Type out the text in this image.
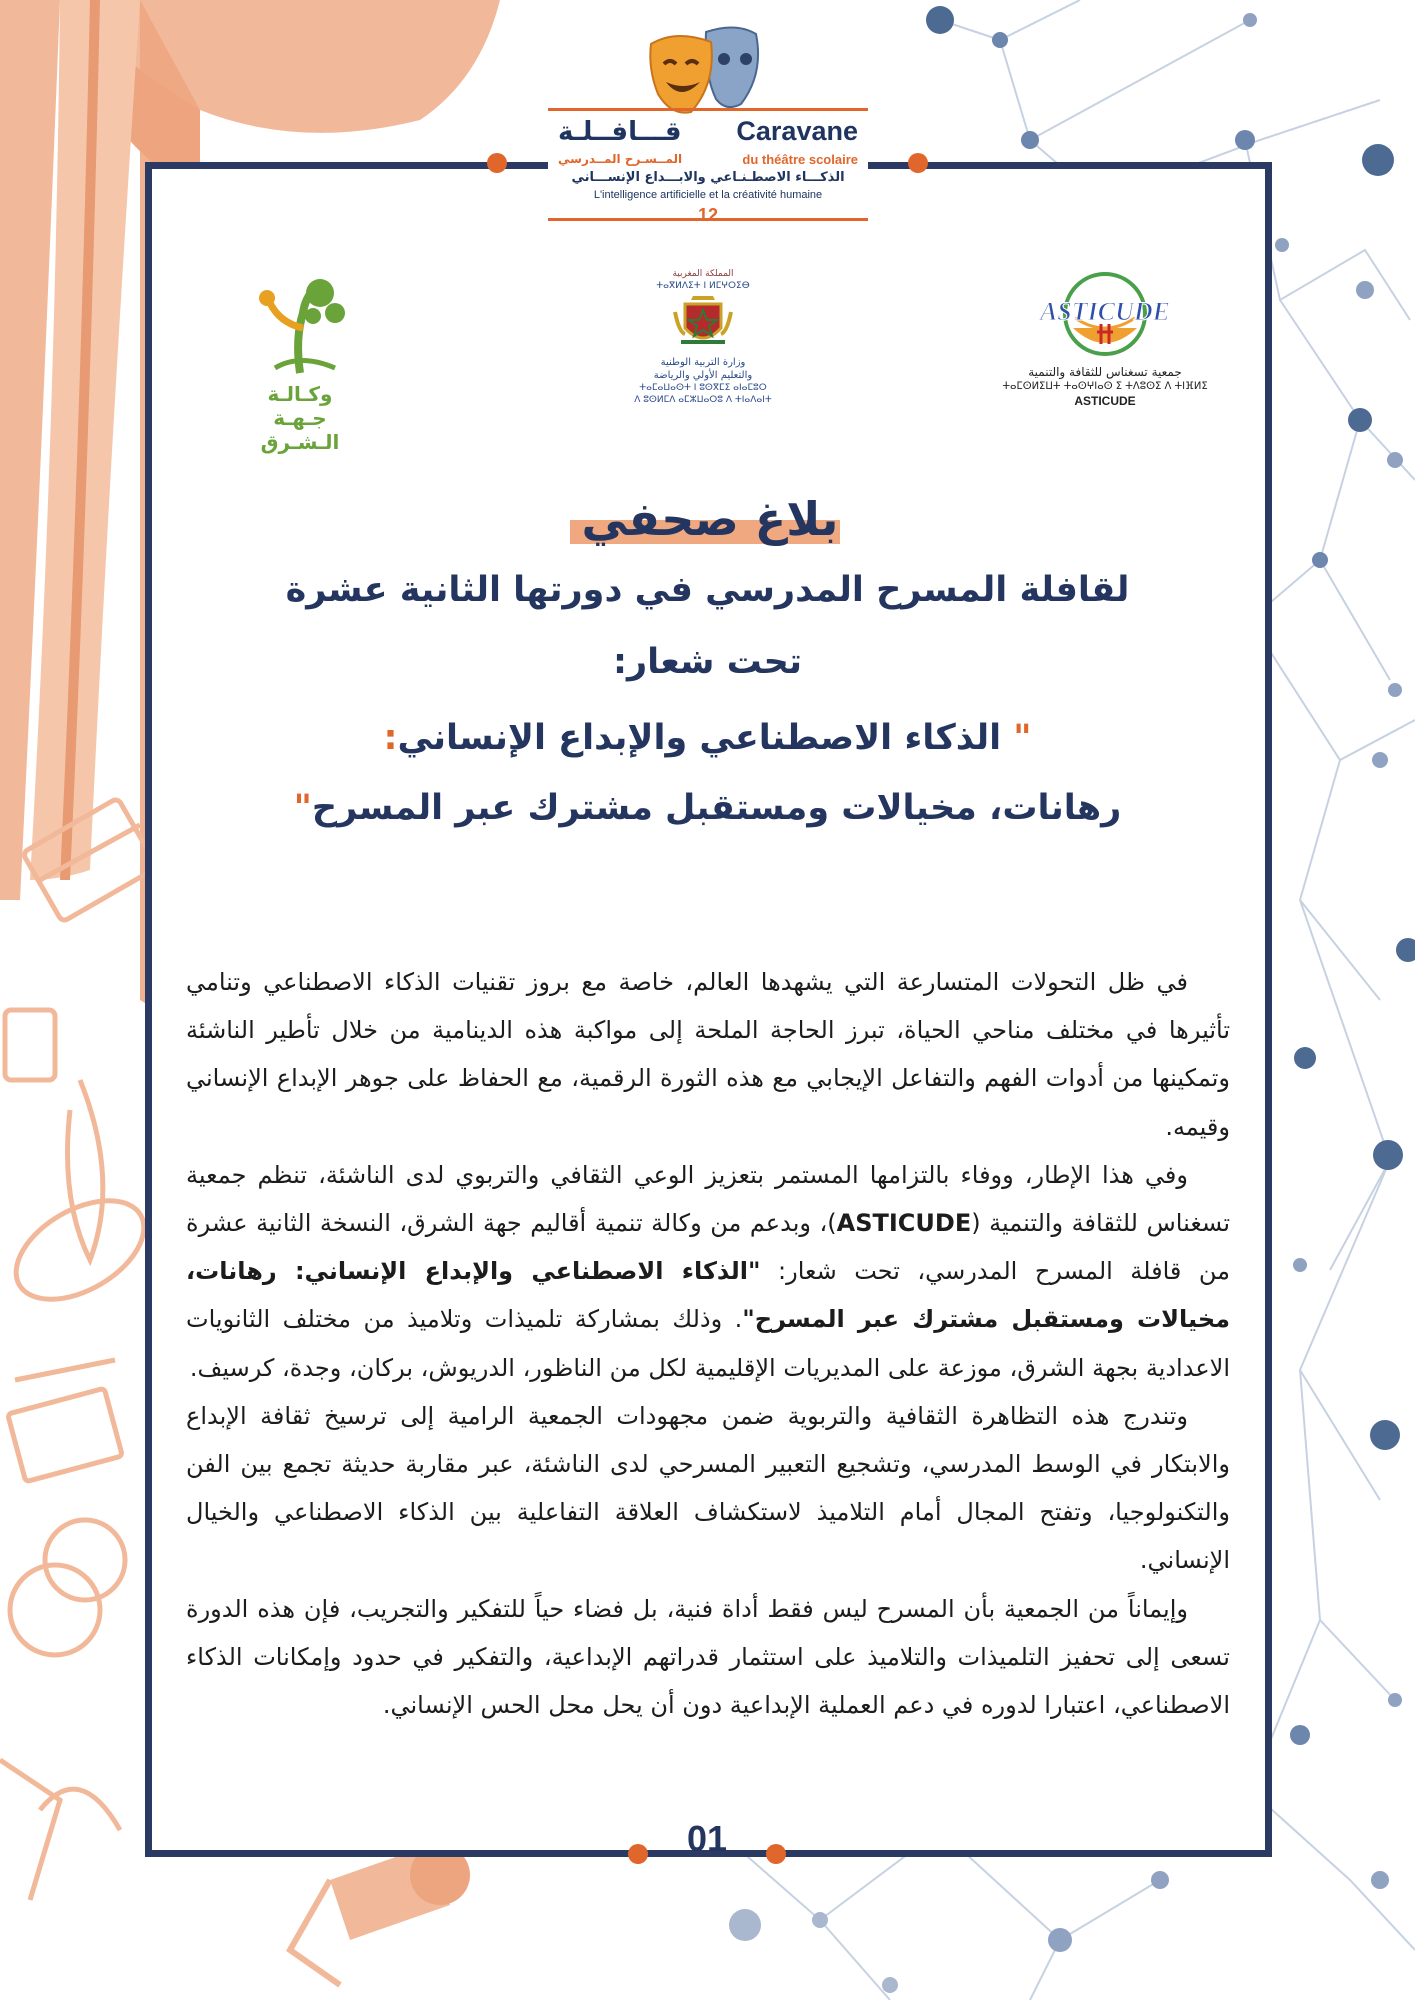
Caravane
قـــافــلـة
du théâtre scolaire
المــسـرح المــدرسي
الذكـــاء الاصطـنـاعي والابـــداع الإنســـاني
L'intelligence artificielle et la créativité humaine
12
وكـالـة
جـهـة الـشـرق
المملكة المغربية
ⵜⴰⴳⵍⴷⵉⵜ ⵏ ⵍⵎⵖⵔⵉⴱ
وزارة التربية الوطنية
والتعليم الأولي والرياضة
ⵜⴰⵎⴰⵡⴰⵙⵜ ⵏ ⵓⵙⴳⵎⵉ ⴰⵏⴰⵎⵓⵔ
ⴷ ⵓⵙⵍⵎⴷ ⴰⵎⵣⵡⴰⵔⵓ ⴷ ⵜⵏⴰⴷⴰⵏⵜ
ASTICUDE
جمعية تسغناس للثقافة والتنمية
ⵜⴰⵎⵙⵍⵉⵡⵜ ⵜⴰⵙⵖⵏⴰⵙ ⵉ ⵜⴷⵓⵙⵉ ⴷ ⵜⵏⴼⵍⵉ
ASTICUDE
بلاغ صحفي
لقافلة المسرح المدرسي في دورتها الثانية عشرة
تحت شعار:
" الذكاء الاصطناعي والإبداع الإنساني:
رهانات، مخيالات ومستقبل مشترك عبر المسرح"

في ظل التحولات المتسارعة التي يشهدها العالم، خاصة مع بروز تقنيات الذكاء الاصطناعي وتنامي تأثيرها في مختلف مناحي الحياة، تبرز الحاجة الملحة إلى مواكبة هذه الدينامية من خلال تأطير الناشئة وتمكينها من أدوات الفهم والتفاعل الإيجابي مع هذه الثورة الرقمية، مع الحفاظ على جوهر الإبداع الإنساني وقيمه.

وفي هذا الإطار، ووفاء بالتزامها المستمر بتعزيز الوعي الثقافي والتربوي لدى الناشئة، تنظم جمعية تسغناس للثقافة والتنمية (ASTICUDE)، وبدعم من وكالة تنمية أقاليم جهة الشرق، النسخة الثانية عشرة من قافلة المسرح المدرسي، تحت شعار: "الذكاء الاصطناعي والإبداع الإنساني: رهانات، مخيالات ومستقبل مشترك عبر المسرح". وذلك بمشاركة تلميذات وتلاميذ من مختلف الثانويات الاعدادية بجهة الشرق، موزعة على المديريات الإقليمية لكل من الناظور، الدريوش، بركان، وجدة، كرسيف.

وتندرج هذه التظاهرة الثقافية والتربوية ضمن مجهودات الجمعية الرامية إلى ترسيخ ثقافة الإبداع والابتكار في الوسط المدرسي، وتشجيع التعبير المسرحي لدى الناشئة، عبر مقاربة حديثة تجمع بين الفن والتكنولوجيا، وتفتح المجال أمام التلاميذ لاستكشاف العلاقة التفاعلية بين الذكاء الاصطناعي والخيال الإنساني.

وإيماناً من الجمعية بأن المسرح ليس فقط أداة فنية، بل فضاء حياً للتفكير والتجريب، فإن هذه الدورة تسعى إلى تحفيز التلميذات والتلاميذ على استثمار قدراتهم الإبداعية، والتفكير في حدود وإمكانات الذكاء الاصطناعي، اعتبارا لدوره في دعم العملية الإبداعية دون أن يحل محل الحس الإنساني.

01
